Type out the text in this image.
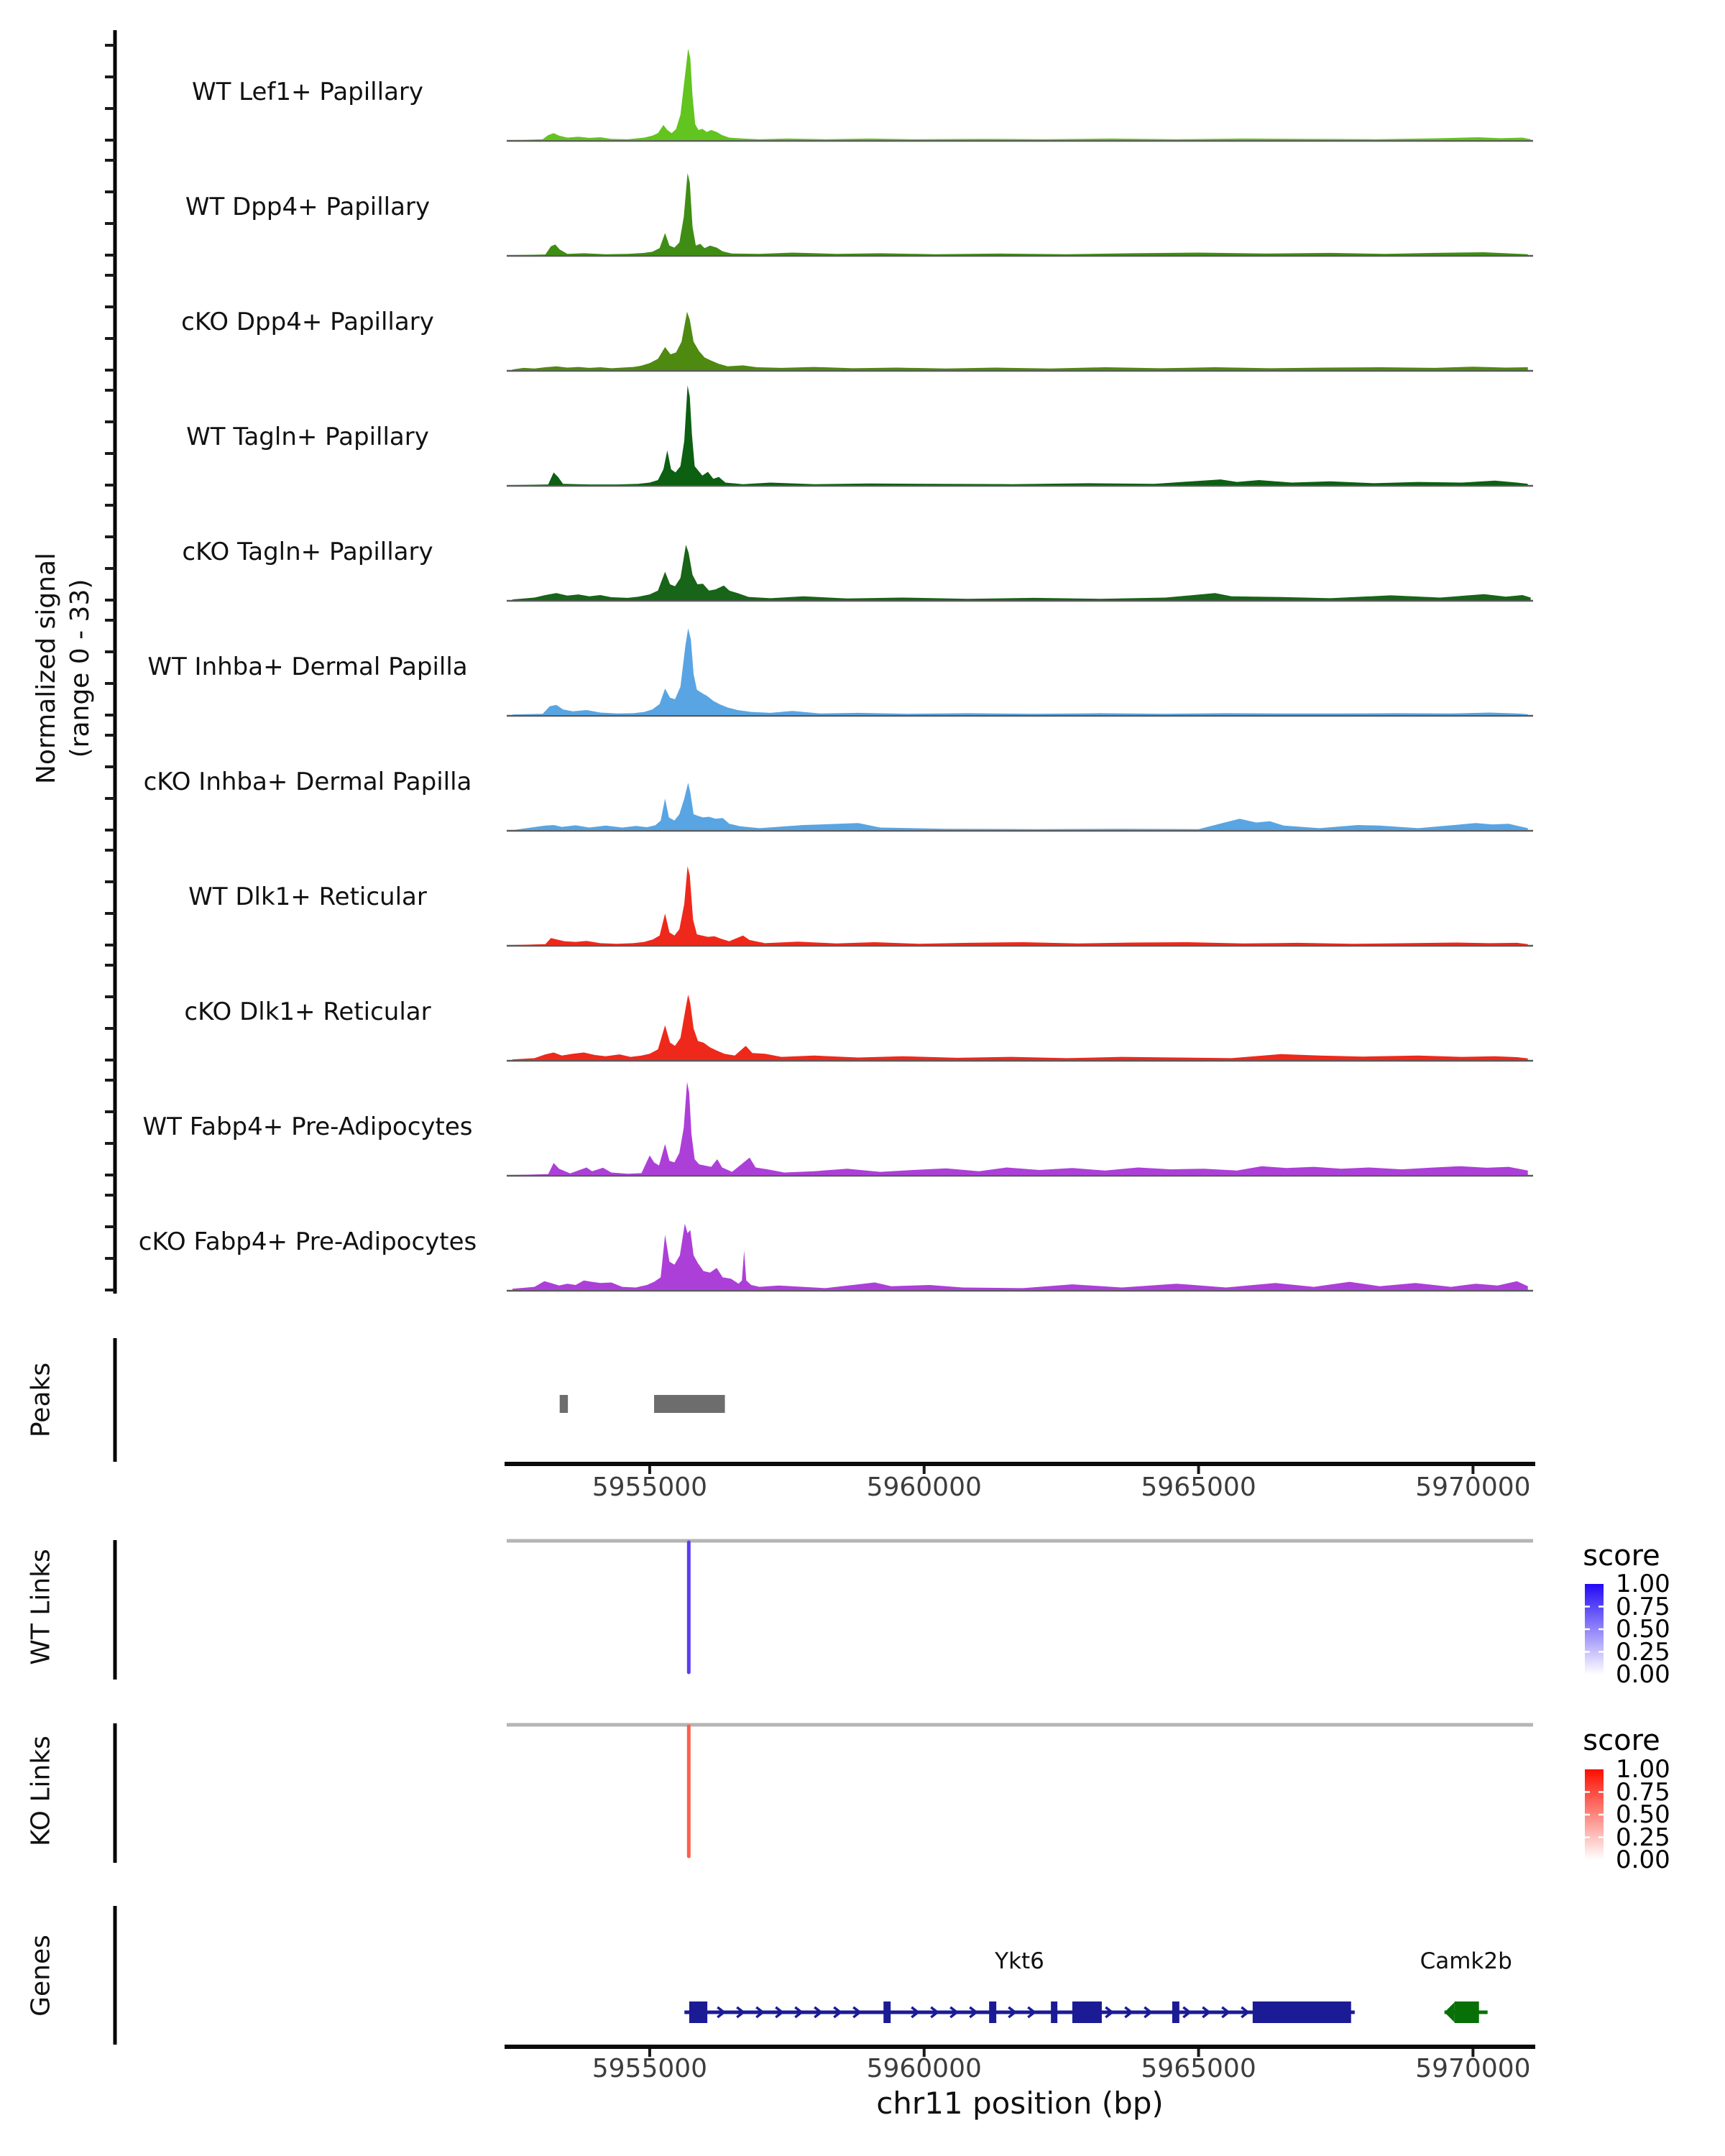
Normalized signal (range 0 - 33)
Peaks
WT Links
KO Links
Genes
chr11 position (bp)
score
score
WT Lef1+ Papillary
WT Dpp4+ Papillary
cKO Dpp4+ Papillary
WT Tagln+ Papillary
cKO Tagln+ Papillary
WT Inhba+ Dermal Papilla
cKO Inhba+ Dermal Papilla
WT Dlk1+ Reticular
cKO Dlk1+ Reticular
WT Fabp4+ Pre-Adipocytes
cKO Fabp4+ Pre-Adipocytes
5955000	5960000	5965000	5970000
5955000	5960000	5965000	5970000
1.00
0.75
0.50
0.25
0.00
1.00
0.75
0.50
0.25
0.00
Ykt6	Camk2b
